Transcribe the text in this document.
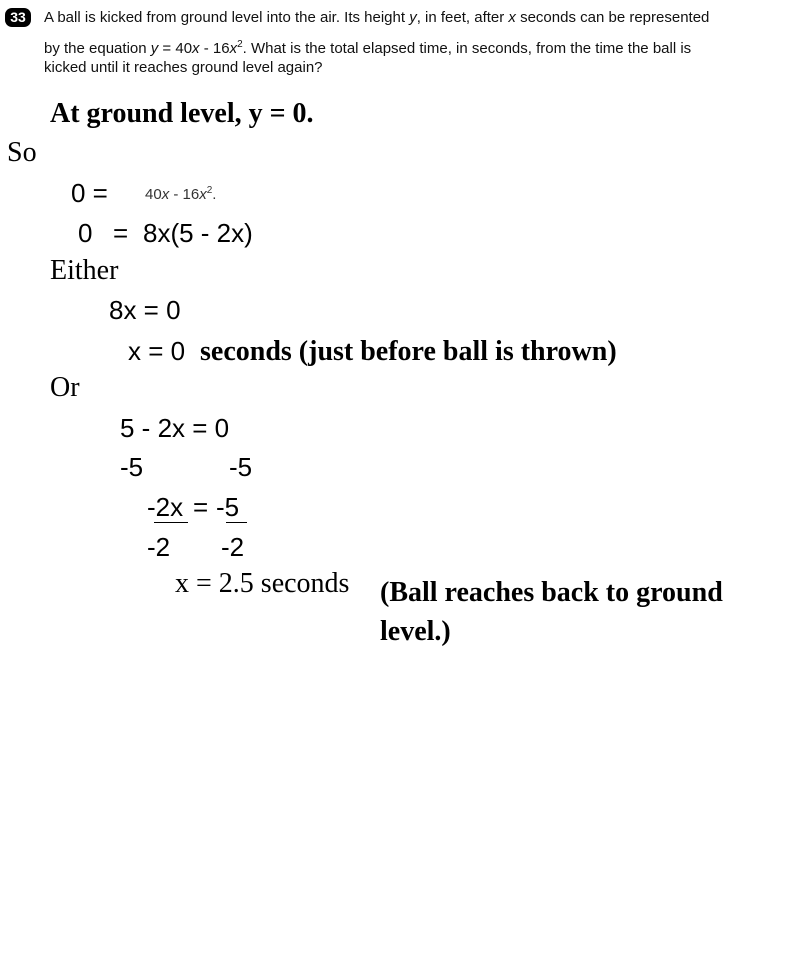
33	A ball is kicked from ground level into the air. Its height y, in feet, after x seconds can be represented
by the equation $y = 40x - 16x^2$. What is the total elapsed time, in seconds, from the time the ball is
kicked until it reaches ground level again?
At ground level, y = 0.
So
$0 = 40x - 16x^2$.
0 = 8x(5 - 2x)
Either
8x = 0
x = 0 seconds (just before ball is thrown)
Or
5 - 2x = 0
-5	-5
-2x = -5
-2 -2
x = 2.5 seconds (Ball reaches back to ground
level.)
